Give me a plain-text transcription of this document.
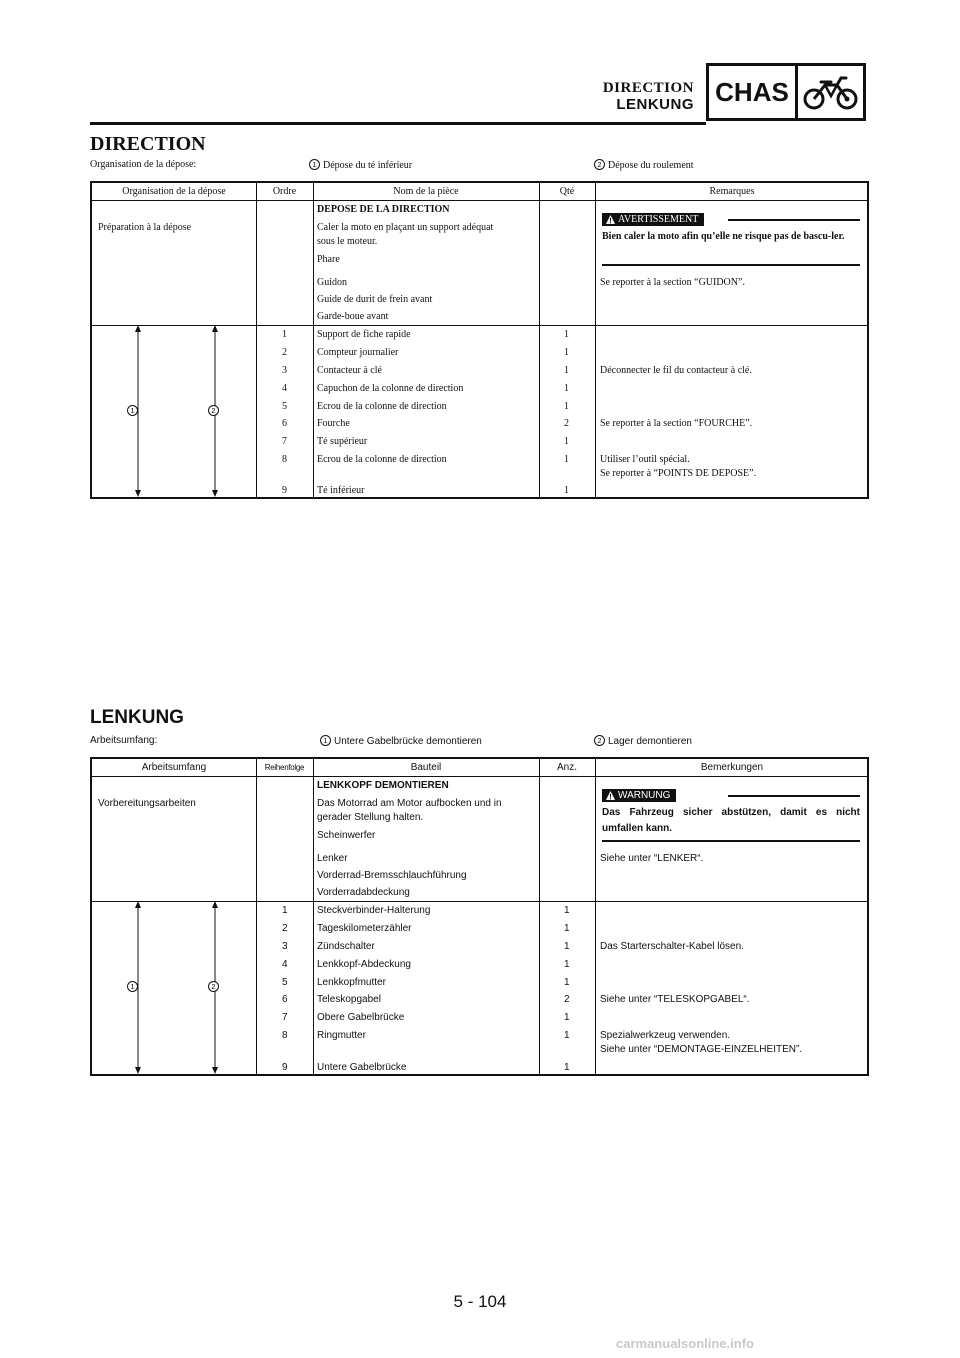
DIRECTION
LENKUNG CHAS
DIRECTION
Organisation de la dépose:	1 Dépose du té inférieur	2 Dépose du roulement
Organisation de la dépose	Ordre	Nom de la pièce	Qté	Remarques
DEPOSE DE LA DIRECTION
Préparation à la dépose	Caler la moto en plaçant un support adéquat
sous le moteur.
Phare
Guidon
Guide de durit de frein avant
Garde-boue avant
Se reporter à la section “GUIDON”.
AVERTISSEMENT
Bien caler la moto afin qu’elle ne risque pas de bascu-ler.
1	Support de fiche rapide	1
2	Compteur journalier	1
3	Contacteur à clé	1	Déconnecter le fil du contacteur à clé.
4	Capuchon de la colonne de direction	1
5	Ecrou de la colonne de direction	1
6	Fourche	2	Se reporter à la section “FOURCHE”.
7	Té supérieur	1
8	Ecrou de la colonne de direction	1	Utiliser l’outil spécial.
Se reporter à “POINTS DE DEPOSE”.
9	Té inférieur	1
1	2
LENKUNG
Arbeitsumfang:	1 Untere Gabelbrücke demontieren	2 Lager demontieren
Arbeitsumfang	Reihenfolge	Bauteil	Anz.	Bemerkungen
LENKKOPF DEMONTIEREN
Vorbereitungsarbeiten	Das Motorrad am Motor aufbocken und in
gerader Stellung halten.
Scheinwerfer
Lenker
Vorderrad-Bremsschlauchführung
Vorderradabdeckung
Siehe unter “LENKER“.
WARNUNG
Das Fahrzeug sicher abstützen, damit es nicht umfallen kann.
1	Steckverbinder-Halterung	1
2	Tageskilometerzähler	1
3	Zündschalter	1	Das Starterschalter-Kabel lösen.
4	Lenkkopf-Abdeckung	1
5	Lenkkopfmutter	1
6	Teleskopgabel	2	Siehe unter “TELESKOPGABEL“.
7	Obere Gabelbrücke	1
8	Ringmutter	1	Spezialwerkzeug verwenden.
Siehe unter “DEMONTAGE-EINZELHEITEN”.
9	Untere Gabelbrücke	1
1	2
5 - 104
carmanualsonline.info
